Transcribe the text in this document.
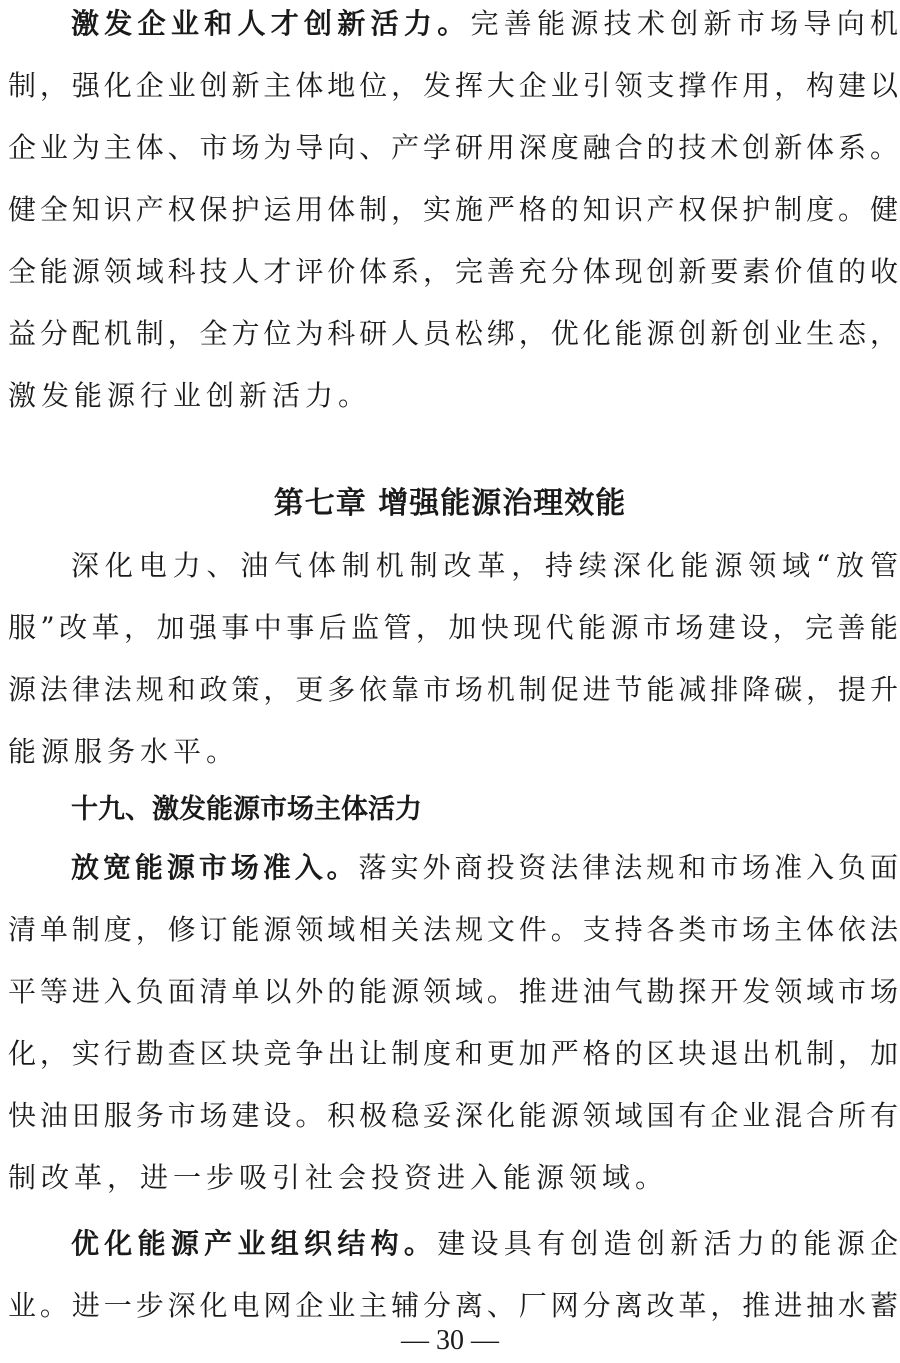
激发企业和人才创新活力。完善能源技术创新市场导向机
制，强化企业创新主体地位，发挥大企业引领支撑作用，构建以
企业为主体、市场为导向、产学研用深度融合的技术创新体系。
健全知识产权保护运用体制，实施严格的知识产权保护制度。健
全能源领域科技人才评价体系，完善充分体现创新要素价值的收
益分配机制，全方位为科研人员松绑，优化能源创新创业生态，
激发能源行业创新活力。
第七章 增强能源治理效能
深化电力、油气体制机制改革，持续深化能源领域“放管
服”改革，加强事中事后监管，加快现代能源市场建设，完善能
源法律法规和政策，更多依靠市场机制促进节能减排降碳，提升
能源服务水平。
十九、激发能源市场主体活力
放宽能源市场准入。落实外商投资法律法规和市场准入负面
清单制度，修订能源领域相关法规文件。支持各类市场主体依法
平等进入负面清单以外的能源领域。推进油气勘探开发领域市场
化，实行勘查区块竞争出让制度和更加严格的区块退出机制，加
快油田服务市场建设。积极稳妥深化能源领域国有企业混合所有
制改革，进一步吸引社会投资进入能源领域。
优化能源产业组织结构。建设具有创造创新活力的能源企
业。进一步深化电网企业主辅分离、厂网分离改革，推进抽水蓄
— 30 —
